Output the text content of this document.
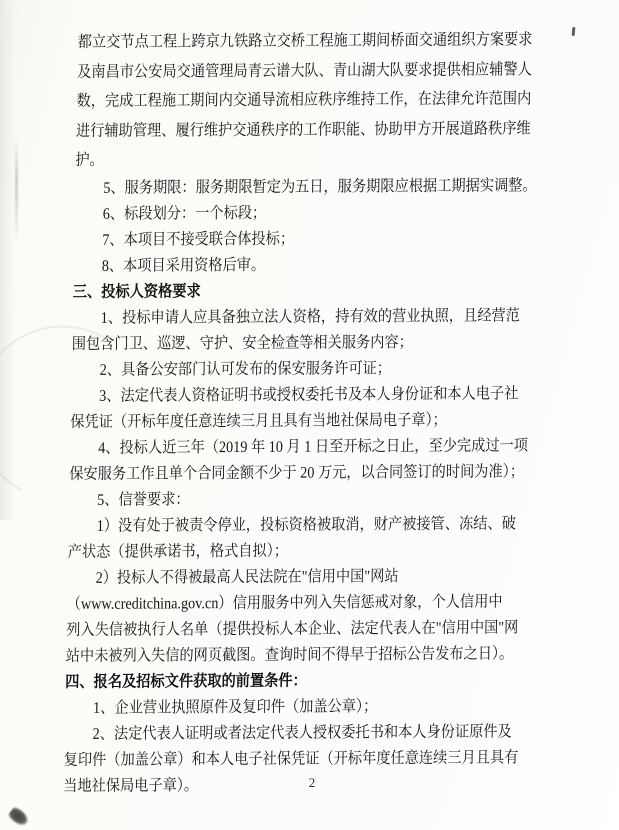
都立交节点工程上跨京九铁路立交桥工程施工期间桥面交通组织方案要求
及南昌市公安局交通管理局青云谱大队、青山湖大队要求提供相应辅警人
数，完成工程施工期间内交通导流相应秩序维持工作，在法律允许范围内
进行辅助管理、履行维护交通秩序的工作职能、协助甲方开展道路秩序维
护。
5、服务期限：服务期限暂定为五日，服务期限应根据工期据实调整。
6、标段划分：一个标段；
7、本项目不接受联合体投标；
8、本项目采用资格后审。
三、投标人资格要求
1、投标申请人应具备独立法人资格，持有效的营业执照，且经营范
围包含门卫、巡逻、守护、安全检查等相关服务内容；
2、具备公安部门认可发布的保安服务许可证；
3、法定代表人资格证明书或授权委托书及本人身份证和本人电子社
保凭证（开标年度任意连续三月且具有当地社保局电子章）；
4、投标人近三年（2019 年 10 月 1 日至开标之日止，至少完成过一项
保安服务工作且单个合同金额不少于 20 万元，以合同签订的时间为准）；
5、信誉要求：
1）没有处于被责令停业，投标资格被取消，财产被接管、冻结、破
产状态（提供承诺书，格式自拟）；
2）投标人不得被最高人民法院在"信用中国"网站
（www.creditchina.gov.cn）信用服务中列入失信惩戒对象，个人信用中
列入失信被执行人名单（提供投标人本企业、法定代表人在"信用中国"网
站中未被列入失信的网页截图。查询时间不得早于招标公告发布之日）。
四、报名及招标文件获取的前置条件：
1、企业营业执照原件及复印件（加盖公章）；
2、法定代表人证明或者法定代表人授权委托书和本人身份证原件及
复印件（加盖公章）和本人电子社保凭证（开标年度任意连续三月且具有
当地社保局电子章）。	2
